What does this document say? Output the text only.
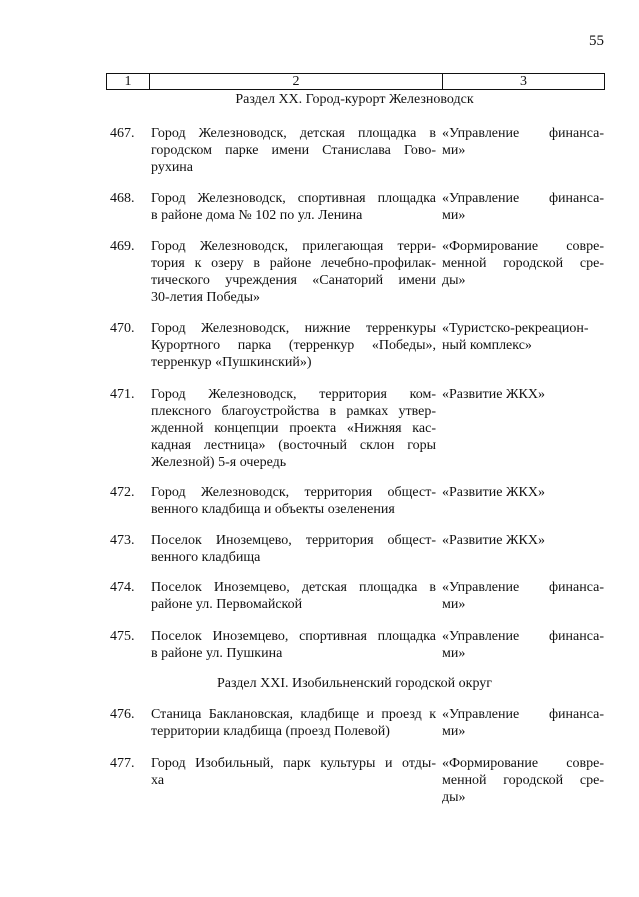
55
1	2	3
Раздел XX. Город-курорт Железноводск
467. Город Железноводск, детская площадка в
городском парке имени Станислава Гово-
рухина
«Управление финанса-
ми»
468. Город Железноводск, спортивная площадка
в районе дома № 102 по ул. Ленина
«Управление финанса-
ми»
469. Город Железноводск, прилегающая терри-
тория к озеру в районе лечебно-профилак-
тического учреждения «Санаторий имени
30-летия Победы»
«Формирование совре-
менной городской сре-
ды»
470. Город Железноводск, нижние терренкуры
Курортного парка (терренкур «Победы»,
терренкур «Пушкинский»)
«Туристско-рекреацион-
ный комплекс»
471. Город Железноводск, территория ком-
плексного благоустройства в рамках утвер-
жденной концепции проекта «Нижняя кас-
кадная лестница» (восточный склон горы
Железной) 5-я очередь
«Развитие ЖКХ»
472. Город Железноводск, территория общест-
венного кладбища и объекты озеленения
«Развитие ЖКХ»
473. Поселок Иноземцево, территория общест-
венного кладбища
«Развитие ЖКХ»
474. Поселок Иноземцево, детская площадка в
районе ул. Первомайской
«Управление финанса-
ми»
475. Поселок Иноземцево, спортивная площадка
в районе ул. Пушкина
«Управление финанса-
ми»
Раздел XXI. Изобильненский городской округ
476. Станица Баклановская, кладбище и проезд к
территории кладбища (проезд Полевой)
«Управление финанса-
ми»
477. Город Изобильный, парк культуры и отды-
ха
«Формирование совре-
менной городской сре-
ды»
